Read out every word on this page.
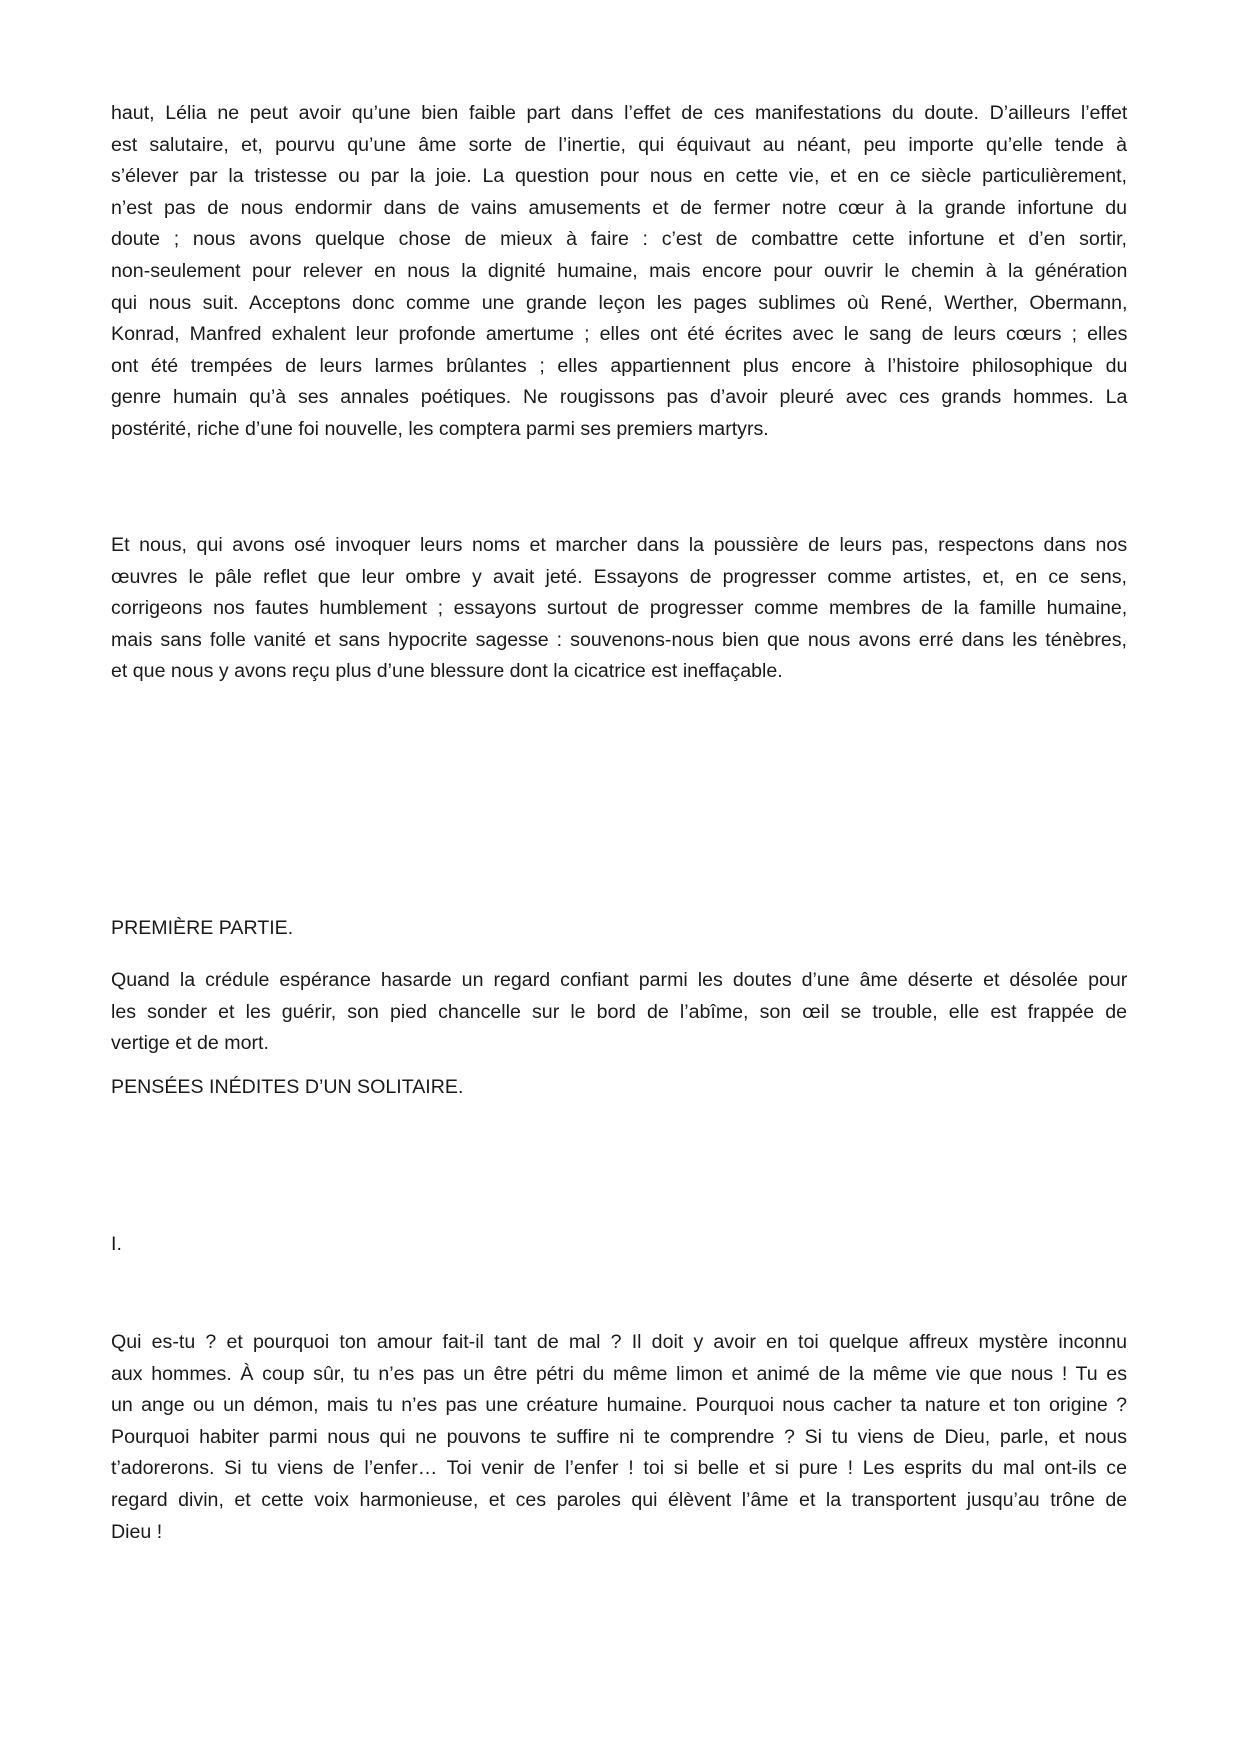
haut, Lélia ne peut avoir qu’une bien faible part dans l’effet de ces manifestations du doute. D’ailleurs l’effet
est salutaire, et, pourvu qu’une âme sorte de l’inertie, qui équivaut au néant, peu importe qu’elle tende à
s’élever par la tristesse ou par la joie. La question pour nous en cette vie, et en ce siècle particulièrement,
n’est pas de nous endormir dans de vains amusements et de fermer notre cœur à la grande infortune du
doute ; nous avons quelque chose de mieux à faire : c’est de combattre cette infortune et d’en sortir,
non-seulement pour relever en nous la dignité humaine, mais encore pour ouvrir le chemin à la génération
qui nous suit. Acceptons donc comme une grande leçon les pages sublimes où René, Werther, Obermann,
Konrad, Manfred exhalent leur profonde amertume ; elles ont été écrites avec le sang de leurs cœurs ; elles
ont été trempées de leurs larmes brûlantes ; elles appartiennent plus encore à l’histoire philosophique du
genre humain qu’à ses annales poétiques. Ne rougissons pas d’avoir pleuré avec ces grands hommes. La
postérité, riche d’une foi nouvelle, les comptera parmi ses premiers martyrs.
Et nous, qui avons osé invoquer leurs noms et marcher dans la poussière de leurs pas, respectons dans nos
œuvres le pâle reflet que leur ombre y avait jeté. Essayons de progresser comme artistes, et, en ce sens,
corrigeons nos fautes humblement ; essayons surtout de progresser comme membres de la famille humaine,
mais sans folle vanité et sans hypocrite sagesse : souvenons-nous bien que nous avons erré dans les ténèbres,
et que nous y avons reçu plus d’une blessure dont la cicatrice est ineffaçable.
PREMIÈRE PARTIE.
Quand la crédule espérance hasarde un regard confiant parmi les doutes d’une âme déserte et désolée pour
les sonder et les guérir, son pied chancelle sur le bord de l’abîme, son œil se trouble, elle est frappée de
vertige et de mort.
PENSÉES INÉDITES D’UN SOLITAIRE.
I.
Qui es-tu ? et pourquoi ton amour fait-il tant de mal ? Il doit y avoir en toi quelque affreux mystère inconnu
aux hommes. À coup sûr, tu n’es pas un être pétri du même limon et animé de la même vie que nous ! Tu es
un ange ou un démon, mais tu n’es pas une créature humaine. Pourquoi nous cacher ta nature et ton origine ?
Pourquoi habiter parmi nous qui ne pouvons te suffire ni te comprendre ? Si tu viens de Dieu, parle, et nous
t’adorerons. Si tu viens de l’enfer… Toi venir de l’enfer ! toi si belle et si pure ! Les esprits du mal ont-ils ce
regard divin, et cette voix harmonieuse, et ces paroles qui élèvent l’âme et la transportent jusqu’au trône de
Dieu !
